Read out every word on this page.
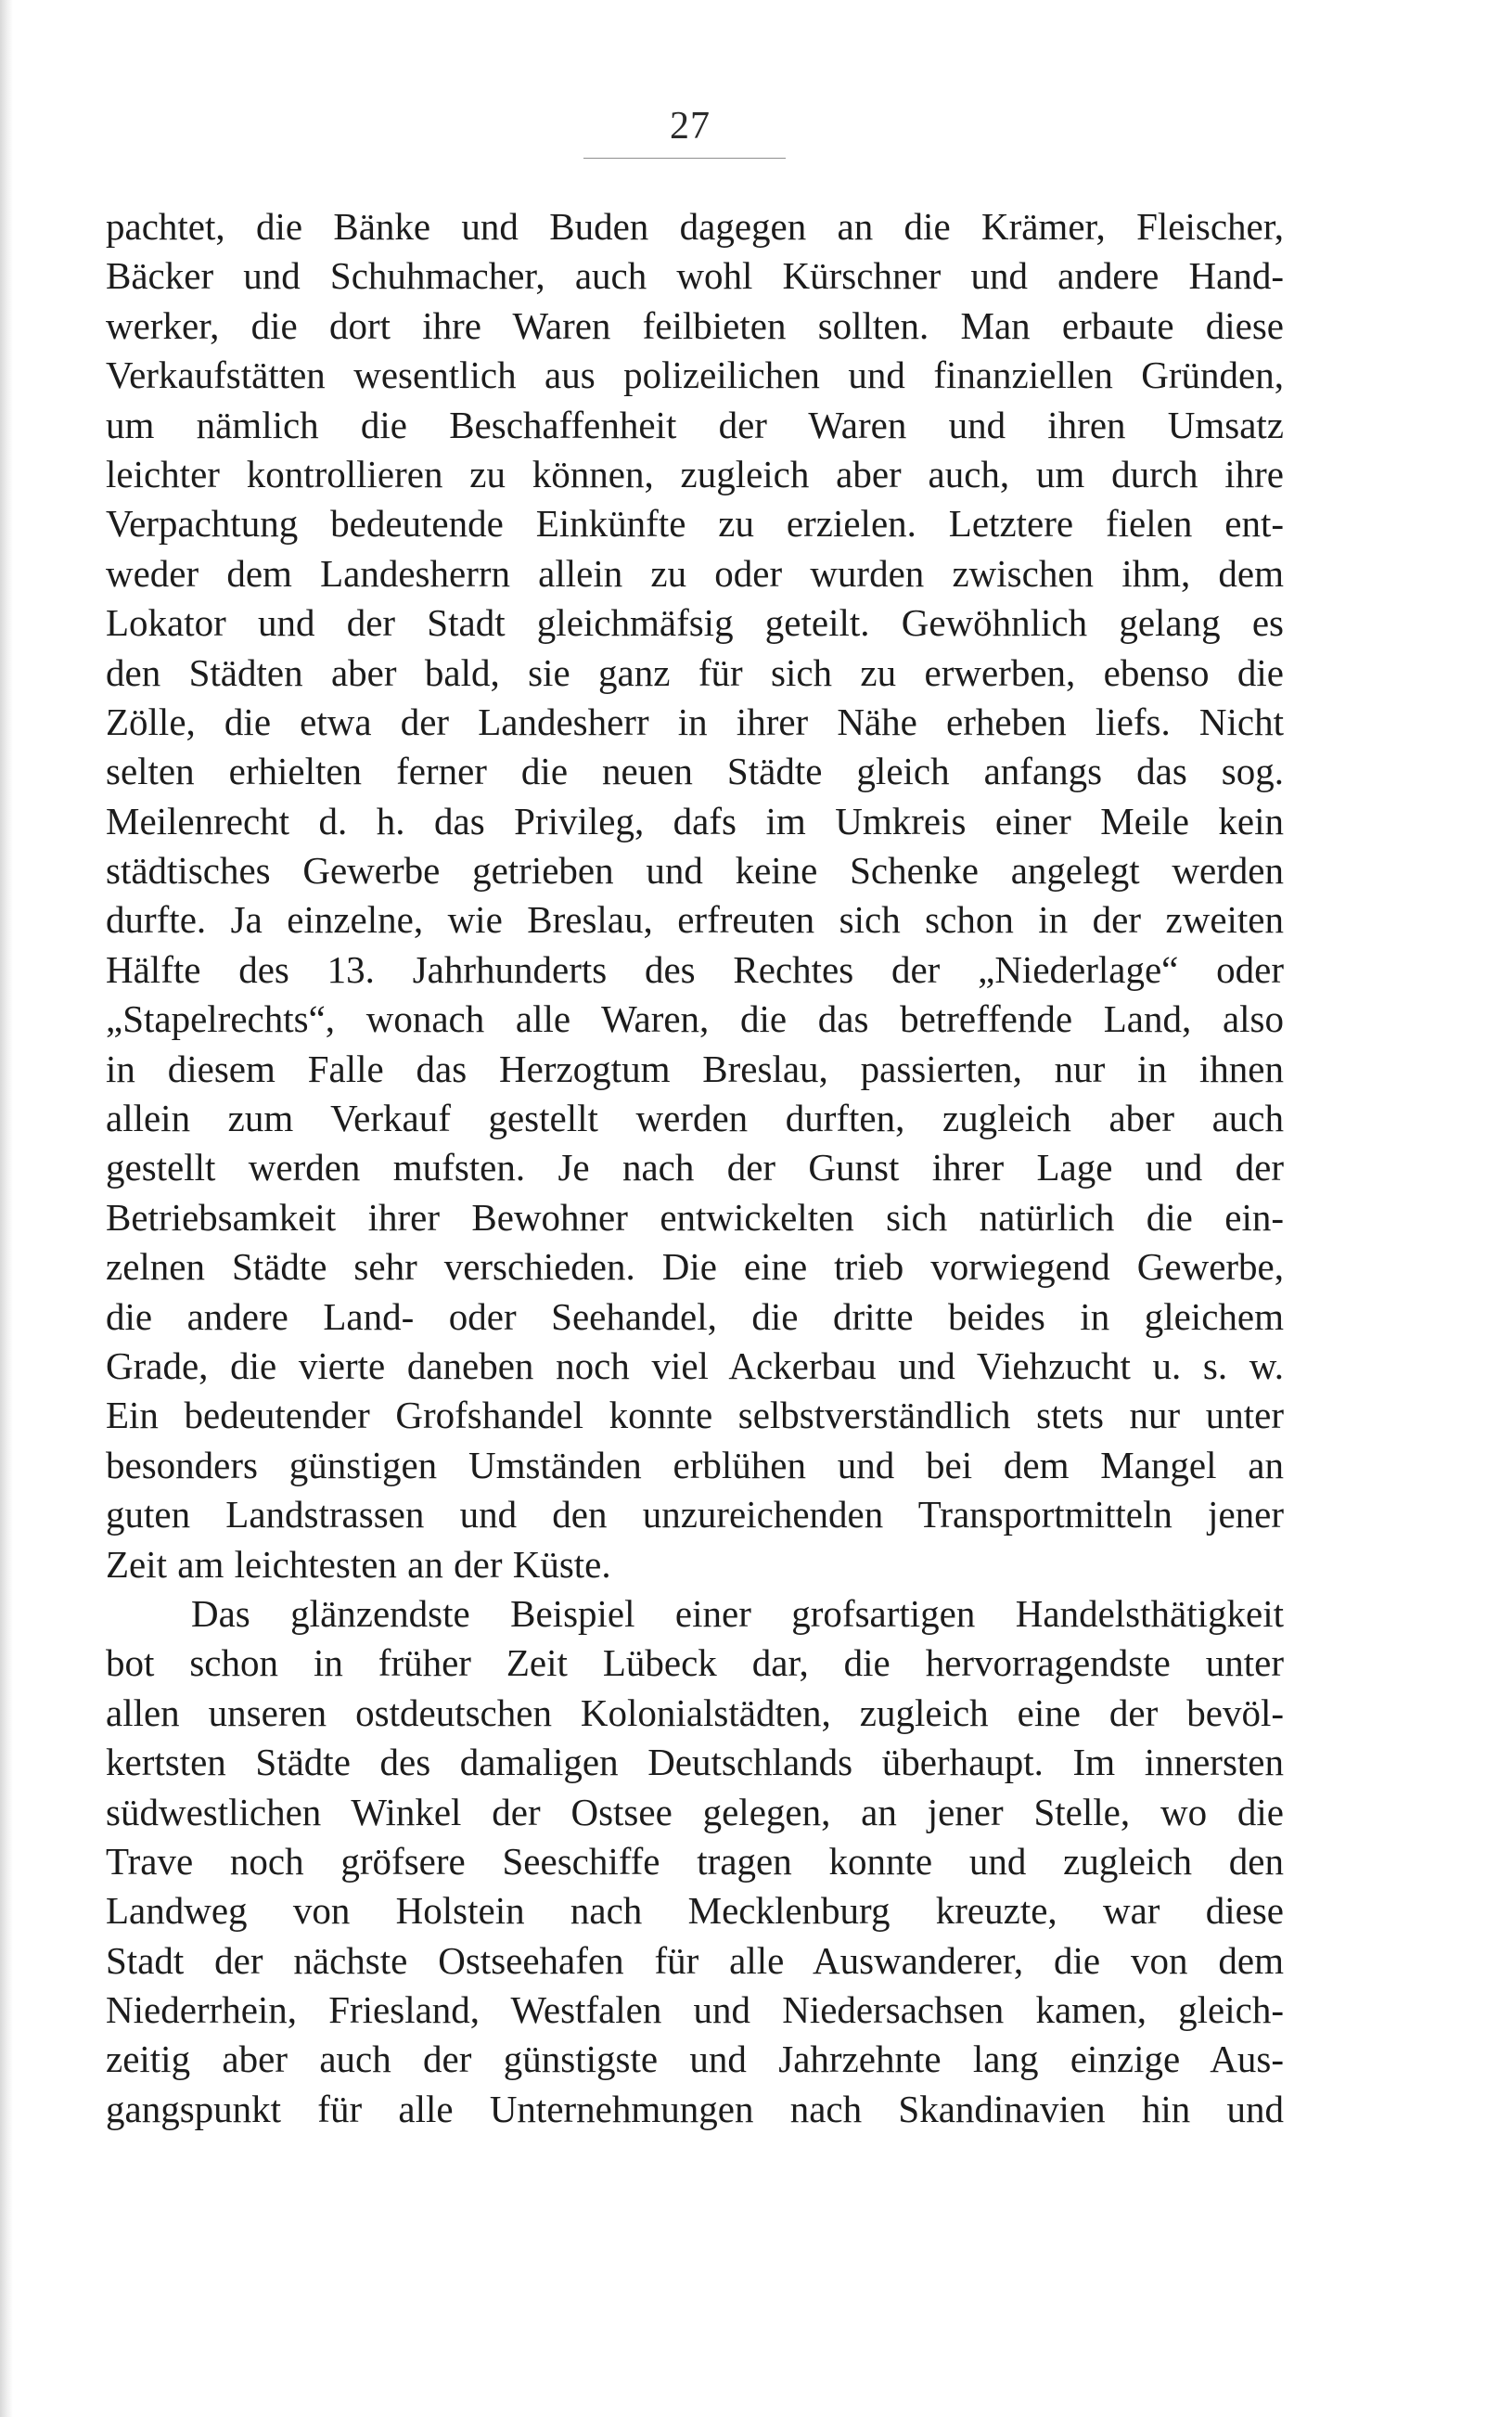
27
pachtet, die Bänke und Buden dagegen an die Krämer, Fleischer,
Bäcker und Schuhmacher, auch wohl Kürschner und andere Hand-
werker, die dort ihre Waren feilbieten sollten. Man erbaute diese
Verkaufstätten wesentlich aus polizeilichen und finanziellen Gründen,
um nämlich die Beschaffenheit der Waren und ihren Umsatz
leichter kontrollieren zu können, zugleich aber auch, um durch ihre
Verpachtung bedeutende Einkünfte zu erzielen. Letztere fielen ent-
weder dem Landesherrn allein zu oder wurden zwischen ihm, dem
Lokator und der Stadt gleichmäfsig geteilt. Gewöhnlich gelang es
den Städten aber bald, sie ganz für sich zu erwerben, ebenso die
Zölle, die etwa der Landesherr in ihrer Nähe erheben liefs. Nicht
selten erhielten ferner die neuen Städte gleich anfangs das sog.
Meilenrecht d. h. das Privileg, dafs im Umkreis einer Meile kein
städtisches Gewerbe getrieben und keine Schenke angelegt werden
durfte. Ja einzelne, wie Breslau, erfreuten sich schon in der zweiten
Hälfte des 13. Jahrhunderts des Rechtes der „Niederlage“ oder
„Stapelrechts“, wonach alle Waren, die das betreffende Land, also
in diesem Falle das Herzogtum Breslau, passierten, nur in ihnen
allein zum Verkauf gestellt werden durften, zugleich aber auch
gestellt werden mufsten. Je nach der Gunst ihrer Lage und der
Betriebsamkeit ihrer Bewohner entwickelten sich natürlich die ein-
zelnen Städte sehr verschieden. Die eine trieb vorwiegend Gewerbe,
die andere Land- oder Seehandel, die dritte beides in gleichem
Grade, die vierte daneben noch viel Ackerbau und Viehzucht u. s. w.
Ein bedeutender Grofshandel konnte selbstverständlich stets nur unter
besonders günstigen Umständen erblühen und bei dem Mangel an
guten Landstrassen und den unzureichenden Transportmitteln jener
Zeit am leichtesten an der Küste.
Das glänzendste Beispiel einer grofsartigen Handelsthätigkeit
bot schon in früher Zeit Lübeck dar, die hervorragendste unter
allen unseren ostdeutschen Kolonialstädten, zugleich eine der bevöl-
kertsten Städte des damaligen Deutschlands überhaupt. Im innersten
südwestlichen Winkel der Ostsee gelegen, an jener Stelle, wo die
Trave noch gröfsere Seeschiffe tragen konnte und zugleich den
Landweg von Holstein nach Mecklenburg kreuzte, war diese
Stadt der nächste Ostseehafen für alle Auswanderer, die von dem
Niederrhein, Friesland, Westfalen und Niedersachsen kamen, gleich-
zeitig aber auch der günstigste und Jahrzehnte lang einzige Aus-
gangspunkt für alle Unternehmungen nach Skandinavien hin und
